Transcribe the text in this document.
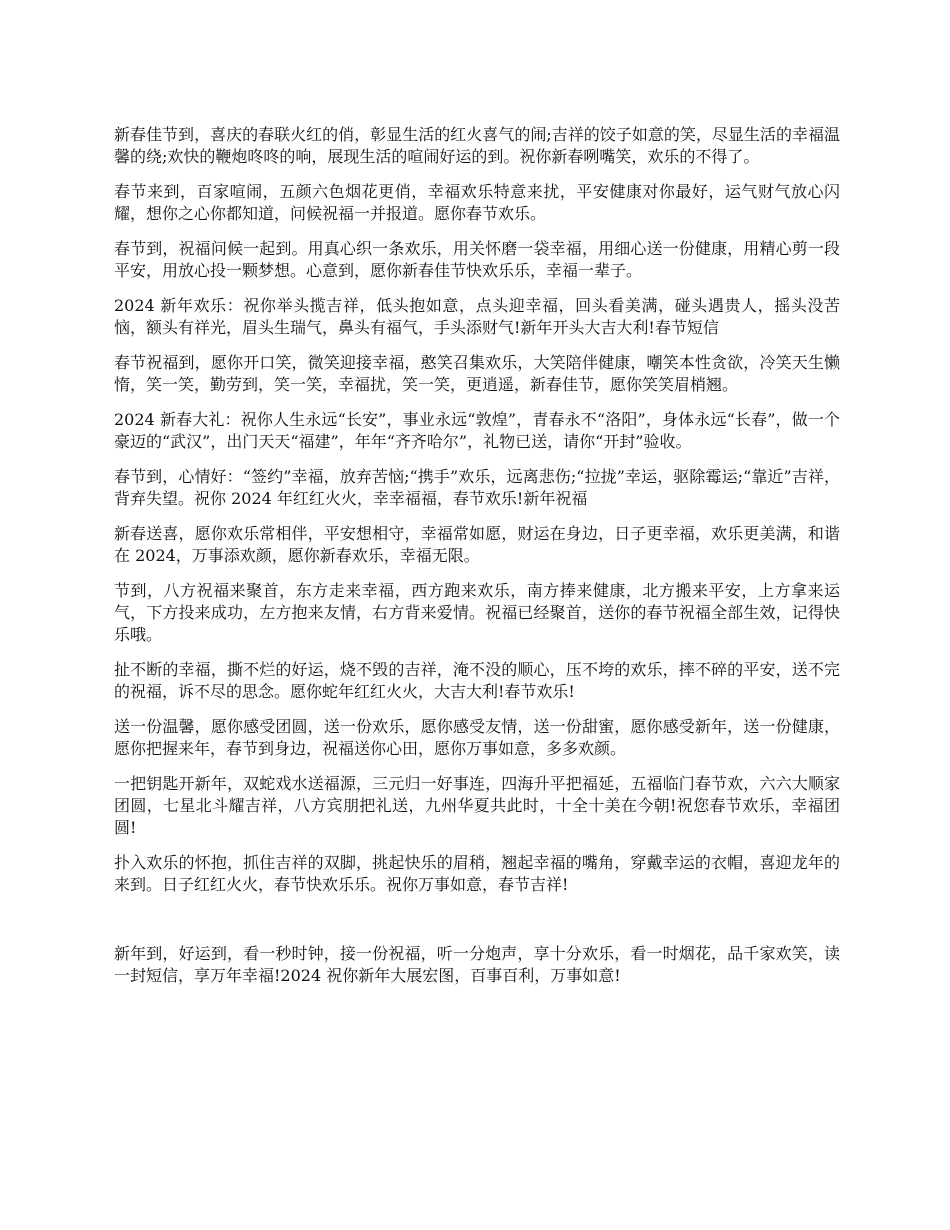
新春佳节到，喜庆的春联火红的俏，彰显生活的红火喜气的闹;吉祥的饺子如意的笑，尽显生活的幸福温馨的绕;欢快的鞭炮咚咚的响，展现生活的喧闹好运的到。祝你新春咧嘴笑，欢乐的不得了。

春节来到，百家喧闹，五颜六色烟花更俏，幸福欢乐特意来扰，平安健康对你最好，运气财气放心闪耀，想你之心你都知道，问候祝福一并报道。愿你春节欢乐。

春节到，祝福问候一起到。用真心织一条欢乐，用关怀磨一袋幸福，用细心送一份健康，用精心剪一段平安，用放心投一颗梦想。心意到，愿你新春佳节快欢乐乐，幸福一辈子。

2024 新年欢乐：祝你举头揽吉祥，低头抱如意，点头迎幸福，回头看美满，碰头遇贵人，摇头没苦恼，额头有祥光，眉头生瑞气，鼻头有福气，手头添财气!新年开头大吉大利!春节短信

春节祝福到，愿你开口笑，微笑迎接幸福，憨笑召集欢乐，大笑陪伴健康，嘲笑本性贪欲，冷笑天生懒惰，笑一笑，勤劳到，笑一笑，幸福扰，笑一笑，更逍遥，新春佳节，愿你笑笑眉梢翘。

2024 新春大礼：祝你人生永远“长安”，事业永远“敦煌”，青春永不“洛阳”，身体永远“长春”，做一个豪迈的“武汉”，出门天天“福建”，年年“齐齐哈尔”，礼物已送，请你“开封”验收。

春节到，心情好：“签约”幸福，放弃苦恼;“携手”欢乐，远离悲伤;“拉拢”幸运，驱除霉运;“靠近”吉祥，背弃失望。祝你 2024 年红红火火，幸幸福福，春节欢乐!新年祝福

新春送喜，愿你欢乐常相伴，平安想相守，幸福常如愿，财运在身边，日子更幸福，欢乐更美满，和谐在 2024，万事添欢颜，愿你新春欢乐，幸福无限。

节到，八方祝福来聚首，东方走来幸福，西方跑来欢乐，南方捧来健康，北方搬来平安，上方拿来运气，下方投来成功，左方抱来友情，右方背来爱情。祝福已经聚首，送你的春节祝福全部生效，记得快乐哦。

扯不断的幸福，撕不烂的好运，烧不毁的吉祥，淹不没的顺心，压不垮的欢乐，摔不碎的平安，送不完的祝福，诉不尽的思念。愿你蛇年红红火火，大吉大利!春节欢乐!

送一份温馨，愿你感受团圆，送一份欢乐，愿你感受友情，送一份甜蜜，愿你感受新年，送一份健康，愿你把握来年，春节到身边，祝福送你心田，愿你万事如意，多多欢颜。

一把钥匙开新年，双蛇戏水送福源，三元归一好事连，四海升平把福延，五福临门春节欢，六六大顺家团圆，七星北斗耀吉祥，八方宾朋把礼送，九州华夏共此时，十全十美在今朝!祝您春节欢乐，幸福团圆!

扑入欢乐的怀抱，抓住吉祥的双脚，挑起快乐的眉稍，翘起幸福的嘴角，穿戴幸运的衣帽，喜迎龙年的来到。日子红红火火，春节快欢乐乐。祝你万事如意，春节吉祥!

新年到，好运到，看一秒时钟，接一份祝福，听一分炮声，享十分欢乐，看一时烟花，品千家欢笑，读一封短信，享万年幸福!2024 祝你新年大展宏图，百事百利，万事如意!
